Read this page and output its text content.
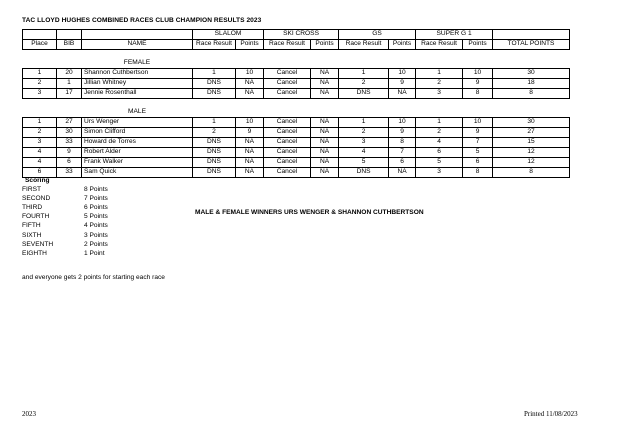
TAC LLOYD HUGHES COMBINED RACES CLUB CHAMPION RESULTS 2023
			SLALOM		SKI CROSS		GS		SUPER G 1		
Place	BIB	NAME	Race Result	Points	Race Result	Points	Race Result	Points	Race Result	Points	TOTAL POINTS

		FEMALE									
1	20	Shannon Cuthbertson	1	10	Cancel	NA	1	10	1	10	30
2	1	Jillian Whitney	DNS	NA	Cancel	NA	2	9	2	9	18
3	17	Jennie Rosenthall	DNS	NA	Cancel	NA	DNS	NA	3	8	8

		MALE									
1	27	Urs Wenger	1	10	Cancel	NA	1	10	1	10	30
2	30	Simon Clifford	2	9	Cancel	NA	2	9	2	9	27
3	33	Howard de Torres	DNS	NA	Cancel	NA	3	8	4	7	15
4	9	Robert Alder	DNS	NA	Cancel	NA	4	7	6	5	12
4	6	Frank Walker	DNS	NA	Cancel	NA	5	6	5	6	12
6	33	Sam Quick	DNS	NA	Cancel	NA	DNS	NA	3	8	8
Scoring
FIRST	8 Points
SECOND	7 Points
THIRD	6 Points
FOURTH	5 Points
FIFTH	4 Points
SIXTH	3 Points
SEVENTH	2 Points
EIGHTH	1 Point
MALE & FEMALE WINNERS URS WENGER & SHANNON CUTHBERTSON
and everyone gets 2 points for starting each race
2023	Printed 11/08/2023
